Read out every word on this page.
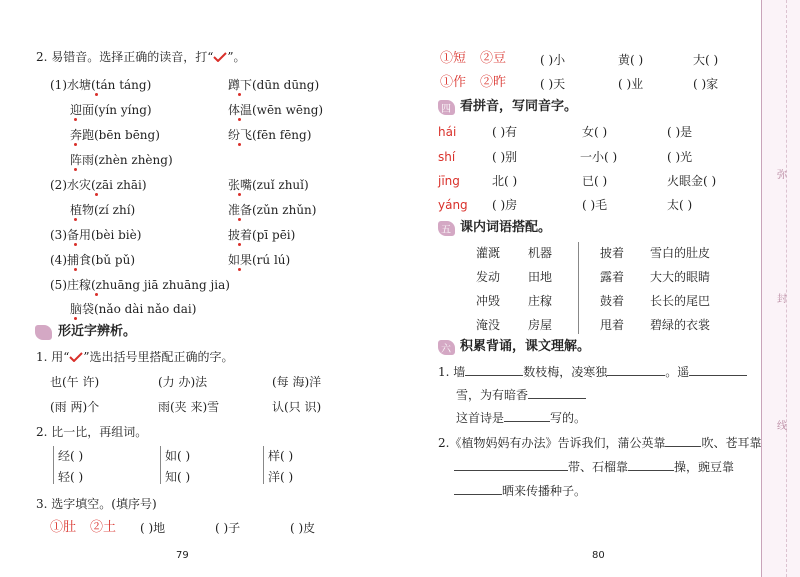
2. 易错音。选择正确的读音，打“ ”。
(1)水塘(tán táng)	蹲下(dūn dūng)
迎面(yín yíng)	体温(wēn wēng)
奔跑(bēn bēng)	纷飞(fēn fēng)
阵雨(zhèn zhèng)
(2)水灾(zāi zhāi)	张嘴(zuǐ zhuǐ)
植物(zí zhí)	准备(zǔn zhǔn)
(3)备用(bèi biè)	披着(pī pēi)
(4)捕食(bǔ pǔ)	如果(rú lú)
(5)庄稼(zhuāng jiā zhuāng jia)
脑袋(nǎo dài nǎo dai)
形近字辨析。
1. 用“ ”选出括号里搭配正确的字。
也(午 许)	(力 办)法	(每 海)洋
(雨 两)个	雨(夹 来)雪	认(只 识)
2. 比一比，再组词。
经( )	如( )	样( )
轻( )	知( )	洋( )
3. 选字填空。(填序号)
①肚 ②土 ( )地	( )子	( )皮
79
①短 ②豆	( )小	黄( )	大( )
①作 ②昨	( )天	( )业	( )家
四 看拼音，写同音字。
hái	( )有	女( )	( )是
shí	( )别	一小( )	( )光
jīng	北( )	已( )	火眼金( )
yáng ( )房	( )毛	太( )
五 课内词语搭配。
灌溉 机器
发动 田地
冲毁 庄稼
淹没 房屋
披着 雪白的肚皮
露着 大大的眼睛
鼓着 长长的尾巴
甩着 碧绿的衣裳
六 积累背诵，课文理解。
1. 墙	数枝梅，凌寒独	。遥
雪，为有暗香
这首诗是	写的。
2.《植物妈妈有办法》告诉我们，蒲公英靠	吹、苍耳靠
带、石榴靠	操，豌豆靠
晒来传播种子。
80
弥
封
线
